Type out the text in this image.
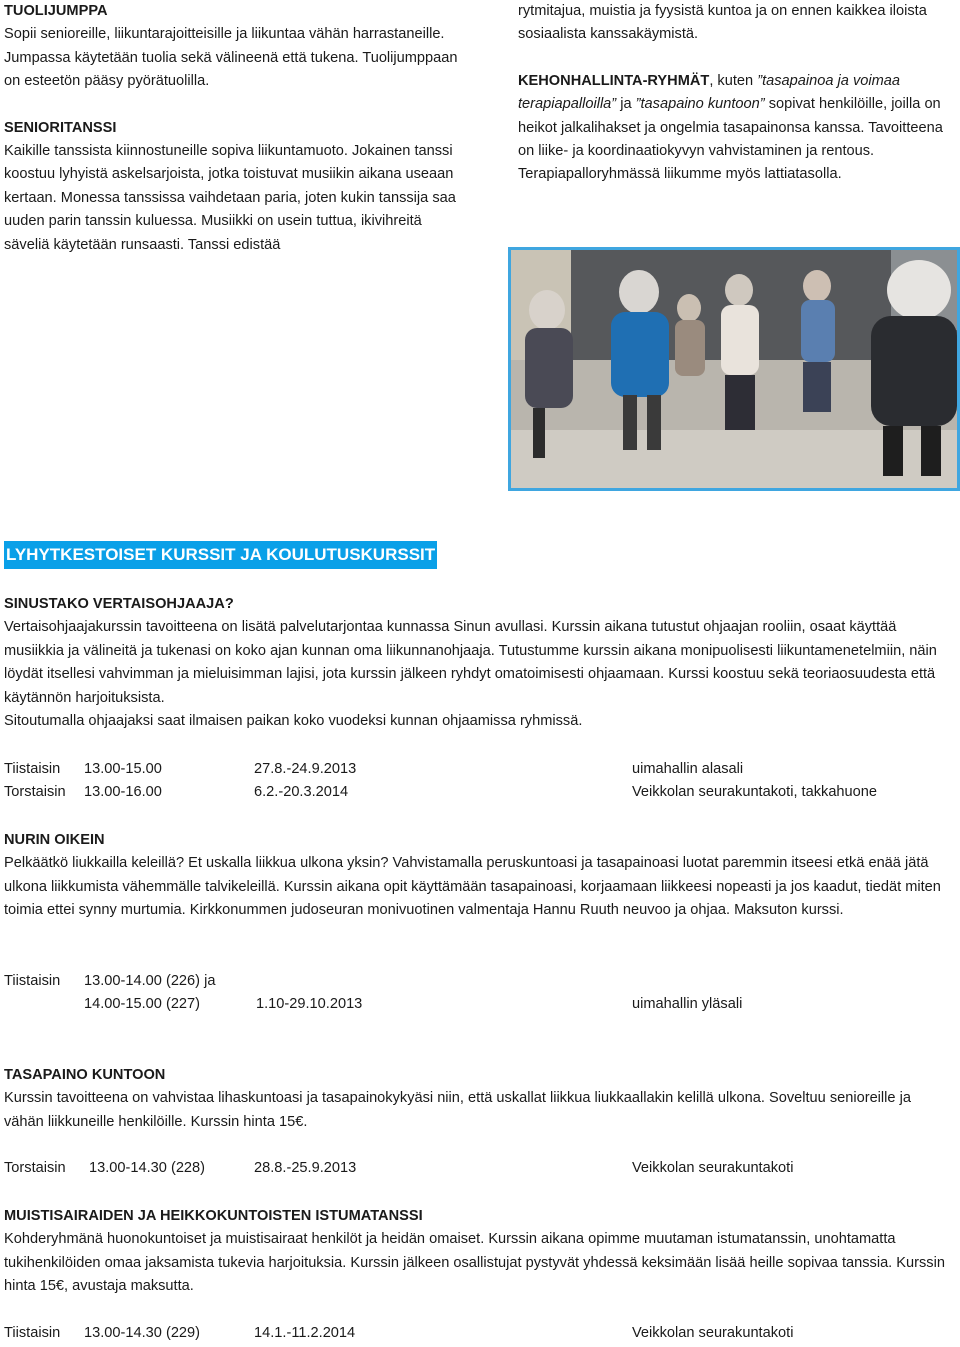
TUOLIJUMPPA
Sopii senioreille, liikuntarajoitteisille ja liikuntaa vähän harrastaneille. Jumpassa käytetään tuolia sekä välineenä että tukena. Tuolijumppaan on esteetön pääsy pyörätuolilla.

SENIORITANSSI
Kaikille tanssista kiinnostuneille sopiva liikuntamuoto. Jokainen tanssi koostuu lyhyistä askelsarjoista, jotka toistuvat musiikin aikana useaan kertaan. Monessa tanssissa vaihdetaan paria, joten kukin tanssija saa uuden parin tanssin kuluessa. Musiikki on usein tuttua, ikivihreitä säveliä käytetään runsaasti. Tanssi edistää

rytmitajua, muistia ja fyysistä kuntoa ja on ennen kaikkea iloista sosiaalista kanssakäymistä.

KEHONHALLINTA-RYHMÄT, kuten ”tasapainoa ja voimaa terapiapalloilla” ja ”tasapaino kuntoon” sopivat henkilöille, joilla on heikot jalkalihakset ja ongelmia tasapainonsa kanssa. Tavoitteena on liike- ja koordinaatiokyvyn vahvistaminen ja rentous. Terapiapalloryhmässä liikumme myös lattiatasolla.

LYHYTKESTOISET KURSSIT JA KOULUTUSKURSSIT

SINUSTAKO VERTAISOHJAAJA?

Vertaisohjaajakurssin tavoitteena on lisätä palvelutarjontaa kunnassa Sinun avullasi. Kurssin aikana tutustut ohjaajan rooliin, osaat käyttää musiikkia ja välineitä ja tukenasi on koko ajan kunnan oma liikunnanohjaaja. Tutustumme kurssin aikana monipuolisesti liikuntamenetelmiin, näin löydät itsellesi vahvimman ja mieluisimman lajisi, jota kurssin jälkeen ryhdyt omatoimisesti ohjaamaan. Kurssi koostuu sekä teoriaosuudesta että käytännön harjoituksista.

Sitoutumalla ohjaajaksi saat ilmaisen paikan koko vuodeksi kunnan ohjaamissa ryhmissä.

Tiistaisin 13.00-15.00	27.8.-24.9.2013	uimahallin alasali
Torstaisin 13.00-16.00	6.2.-20.3.2014	Veikkolan seurakuntakoti, takkahuone

NURIN OIKEIN

Pelkäätkö liukkailla keleillä? Et uskalla liikkua ulkona yksin? Vahvistamalla peruskuntoasi ja tasapainoasi luotat paremmin itseesi etkä enää jätä ulkona liikkumista vähemmälle talvikeleillä. Kurssin aikana opit käyttämään tasapainoasi, korjaamaan liikkeesi nopeasti ja jos kaadut, tiedät miten toimia ettei synny murtumia. Kirkkonummen judoseuran monivuotinen valmentaja Hannu Ruuth neuvoo ja ohjaa. Maksuton kurssi.

Tiistaisin 13.00-14.00 (226) ja
14.00-15.00 (227)	1.10-29.10.2013	uimahallin yläsali

TASAPAINO KUNTOON

Kurssin tavoitteena on vahvistaa lihaskuntoasi ja tasapainokykyäsi niin, että uskallat liikkua liukkaallakin kelillä ulkona. Soveltuu senioreille ja vähän liikkuneille henkilöille. Kurssin hinta 15€.

Torstaisin 13.00-14.30 (228)	28.8.-25.9.2013	Veikkolan seurakuntakoti

MUISTISAIRAIDEN JA HEIKKOKUNTOISTEN ISTUMATANSSI

Kohderyhmänä huonokuntoiset ja muistisairaat henkilöt ja heidän omaiset. Kurssin aikana opimme muutaman istumatanssin, unohtamatta tukihenkilöiden omaa jaksamista tukevia harjoituksia. Kurssin jälkeen osallistujat pystyvät yhdessä keksimään lisää heille sopivaa tanssia. Kurssin hinta 15€, avustaja maksutta.

Tiistaisin 13.00-14.30 (229)	14.1.-11.2.2014	Veikkolan seurakuntakoti
